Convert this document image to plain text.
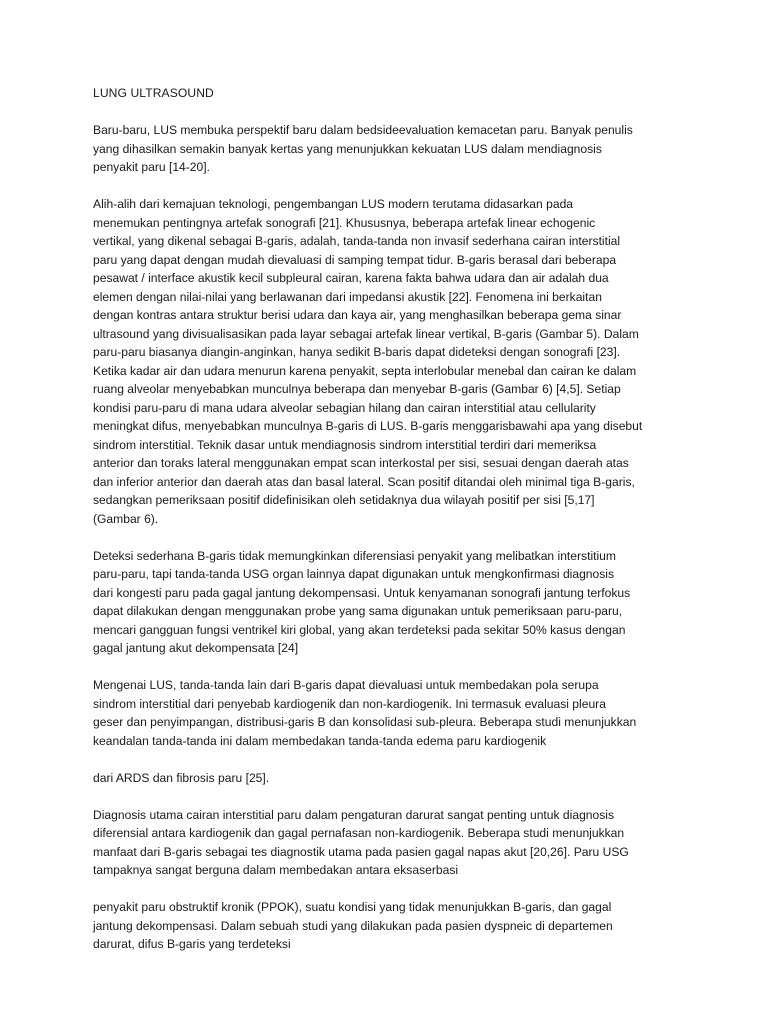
LUNG ULTRASOUND
Baru-baru, LUS membuka perspektif baru dalam bedsideevaluation kemacetan paru. Banyak penulis
yang dihasilkan semakin banyak kertas yang menunjukkan kekuatan LUS dalam mendiagnosis
penyakit paru [14-20].
Alih-alih dari kemajuan teknologi, pengembangan LUS modern terutama didasarkan pada
menemukan pentingnya artefak sonografi [21]. Khususnya, beberapa artefak linear echogenic
vertikal, yang dikenal sebagai B-garis, adalah, tanda-tanda non invasif sederhana cairan interstitial
paru yang dapat dengan mudah dievaluasi di samping tempat tidur. B-garis berasal dari beberapa
pesawat / interface akustik kecil subpleural cairan, karena fakta bahwa udara dan air adalah dua
elemen dengan nilai-nilai yang berlawanan dari impedansi akustik [22]. Fenomena ini berkaitan
dengan kontras antara struktur berisi udara dan kaya air, yang menghasilkan beberapa gema sinar
ultrasound yang divisualisasikan pada layar sebagai artefak linear vertikal, B-garis (Gambar 5). Dalam
paru-paru biasanya diangin-anginkan, hanya sedikit B-baris dapat dideteksi dengan sonografi [23].
Ketika kadar air dan udara menurun karena penyakit, septa interlobular menebal dan cairan ke dalam
ruang alveolar menyebabkan munculnya beberapa dan menyebar B-garis (Gambar 6) [4,5]. Setiap
kondisi paru-paru di mana udara alveolar sebagian hilang dan cairan interstitial atau cellularity
meningkat difus, menyebabkan munculnya B-garis di LUS. B-garis menggarisbawahi apa yang disebut
sindrom interstitial. Teknik dasar untuk mendiagnosis sindrom interstitial terdiri dari memeriksa
anterior dan toraks lateral menggunakan empat scan interkostal per sisi, sesuai dengan daerah atas
dan inferior anterior dan daerah atas dan basal lateral. Scan positif ditandai oleh minimal tiga B-garis,
sedangkan pemeriksaan positif didefinisikan oleh setidaknya dua wilayah positif per sisi [5,17]
(Gambar 6).
Deteksi sederhana B-garis tidak memungkinkan diferensiasi penyakit yang melibatkan interstitium
paru-paru, tapi tanda-tanda USG organ lainnya dapat digunakan untuk mengkonfirmasi diagnosis
dari kongesti paru pada gagal jantung dekompensasi. Untuk kenyamanan sonografi jantung terfokus
dapat dilakukan dengan menggunakan probe yang sama digunakan untuk pemeriksaan paru-paru,
mencari gangguan fungsi ventrikel kiri global, yang akan terdeteksi pada sekitar 50% kasus dengan
gagal jantung akut dekompensata [24]
Mengenai LUS, tanda-tanda lain dari B-garis dapat dievaluasi untuk membedakan pola serupa
sindrom interstitial dari penyebab kardiogenik dan non-kardiogenik. Ini termasuk evaluasi pleura
geser dan penyimpangan, distribusi-garis B dan konsolidasi sub-pleura. Beberapa studi menunjukkan
keandalan tanda-tanda ini dalam membedakan tanda-tanda edema paru kardiogenik
dari ARDS dan fibrosis paru [25].
Diagnosis utama cairan interstitial paru dalam pengaturan darurat sangat penting untuk diagnosis
diferensial antara kardiogenik dan gagal pernafasan non-kardiogenik. Beberapa studi menunjukkan
manfaat dari B-garis sebagai tes diagnostik utama pada pasien gagal napas akut [20,26]. Paru USG
tampaknya sangat berguna dalam membedakan antara eksaserbasi
penyakit paru obstruktif kronik (PPOK), suatu kondisi yang tidak menunjukkan B-garis, dan gagal
jantung dekompensasi. Dalam sebuah studi yang dilakukan pada pasien dyspneic di departemen
darurat, difus B-garis yang terdeteksi
